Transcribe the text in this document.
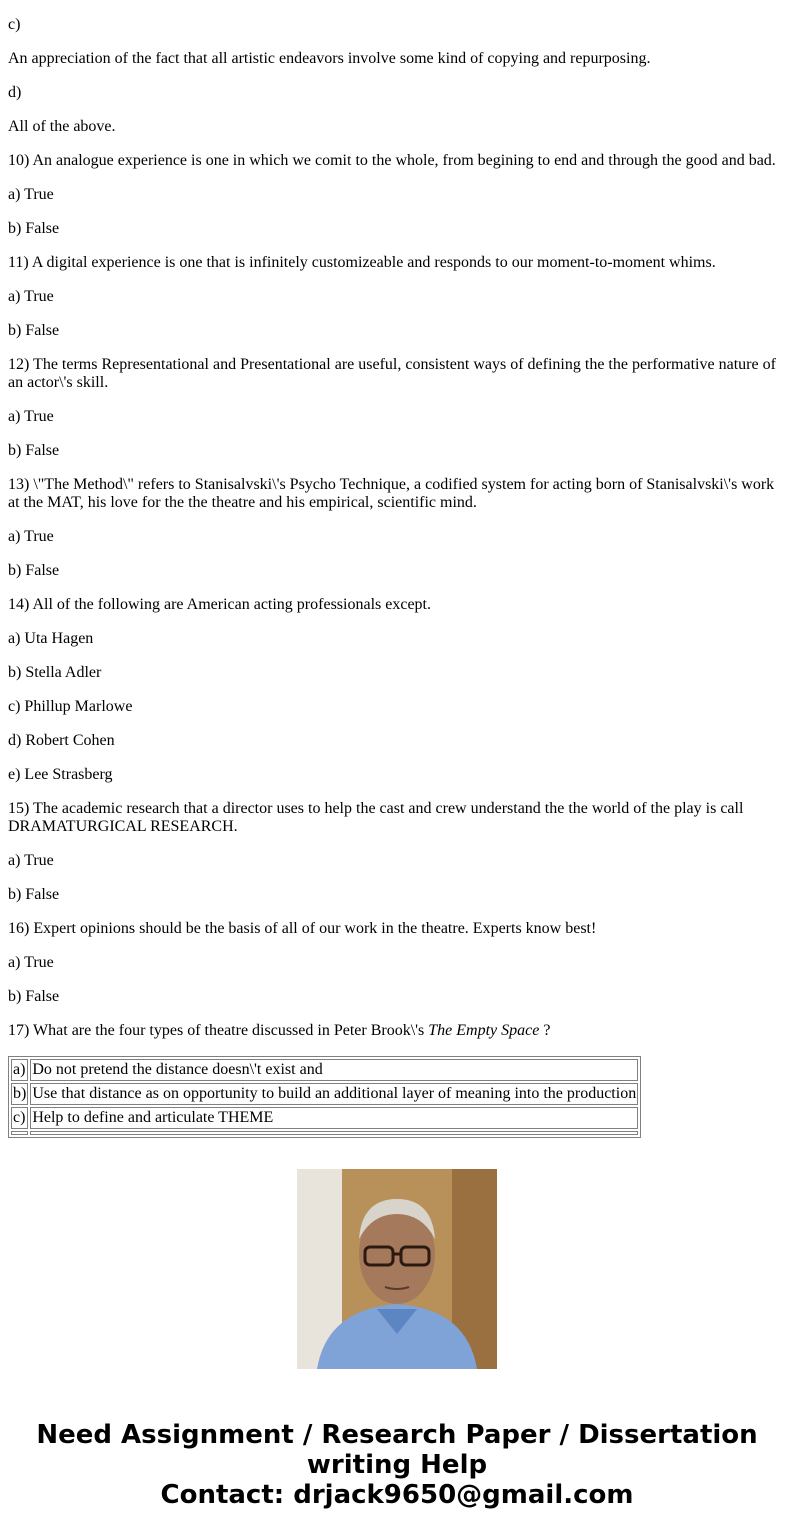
c)

An appreciation of the fact that all artistic endeavors involve some kind of copying and repurposing.

d)

All of the above.

10) An analogue experience is one in which we comit to the whole, from begining to end and through the good and bad.

a) True

b) False

11) A digital experience is one that is infinitely customizeable and responds to our moment-to-moment whims.

a) True

b) False

12) The terms Representational and Presentational are useful, consistent ways of defining the the performative nature of an actor\'s skill.

a) True

b) False

13) \"The Method\" refers to Stanisalvski\'s Psycho Technique, a codified system for acting born of Stanisalvski\'s work at the MAT, his love for the the theatre and his empirical, scientific mind.

a) True

b) False

14) All of the following are American acting professionals except.

a) Uta Hagen

b) Stella Adler

c) Phillup Marlowe

d) Robert Cohen

e) Lee Strasberg

15) The academic research that a director uses to help the cast and crew understand the the world of the play is call DRAMATURGICAL RESEARCH.

a) True

b) False

16) Expert opinions should be the basis of all of our work in the theatre. Experts know best!

a) True

b) False

17) What are the four types of theatre discussed in Peter Brook\'s The Empty Space ?

a)	Do not pretend the distance doesn\'t exist and
b)	Use that distance as on opportunity to build an additional layer of meaning into the production
c)	Help to define and articulate THEME

Need Assignment / Research Paper / Dissertation
writing Help
Contact: drjack9650@gmail.com
